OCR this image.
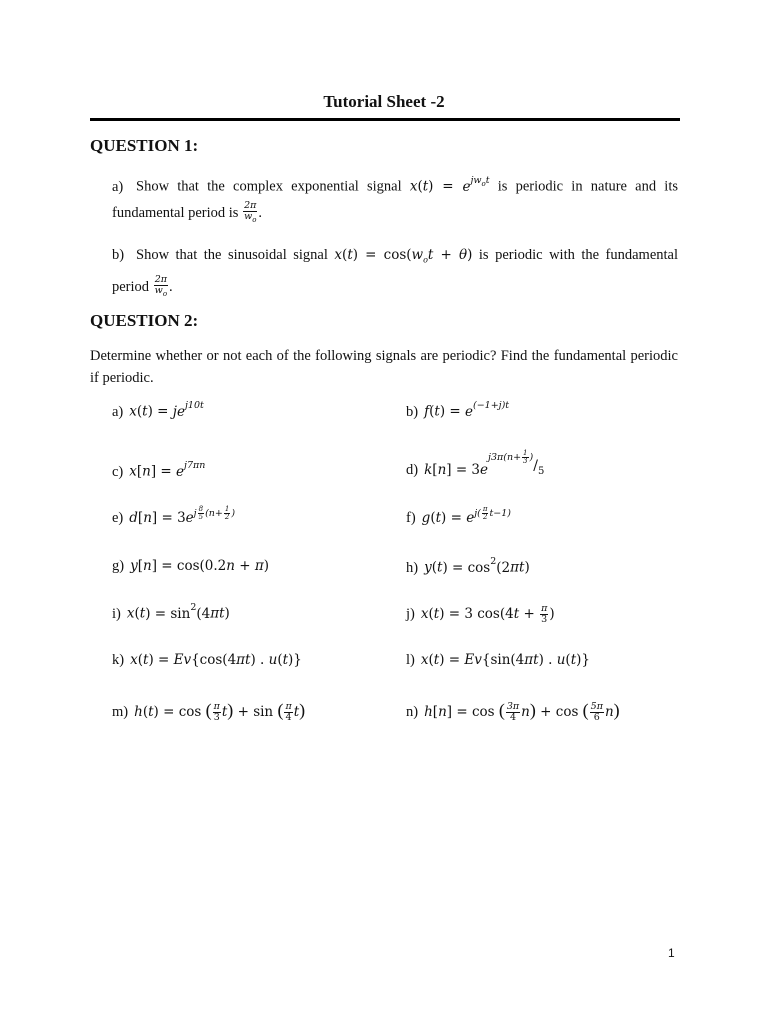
Tutorial Sheet -2
QUESTION 1:
a) Show that the complex exponential signal $x(t) = e^{jw_ot}$ is periodic in nature and its fundamental period is $\frac{2\pi}{w_o}$ .
b) Show that the sinusoidal signal $x(t) = \cos(w_ot + \theta)$ is periodic with the fundamental period $\frac{2\pi}{w_o}$ .
QUESTION 2:
Determine whether or not each of the following signals are periodic? Find the fundamental periodic if periodic.
a) $x(t) = je^{j10t}$	b) $f(t) = e^{(-1+j)t}$
c) $x[n] = e^{j7\pi n}$	d) $k[n] = 3e^{j3\pi(n+ \frac{1}{3} )}/5$
e) $d[n] = 3e^{j \frac{8}{5} (n+ \frac{1}{2} )}$	f) $g(t) = e^{j( \frac{\pi}{2} t-1)}$
g) y[n] = cos(0.2n + π)	h) $y(t) = \cos^2(2\pi t)$
i) $x(t) = \sin^2(4\pi t)$	j) x(t) = 3 $\cos(4t + \frac{\pi}{3}$ )
k) x(t) = Ev{cos(4πt) . u(t)}	l) x(t) = Ev{sin(4πt) . u(t)}
m) h(t) = cos ( $\frac{\pi}{3} t) + \sin$ ( $\frac{\pi}{4} t$)	n) h[n] = cos ( $\frac{3\pi}{4} n) + \cos$ ( $\frac{5\pi}{6} n$)
1
